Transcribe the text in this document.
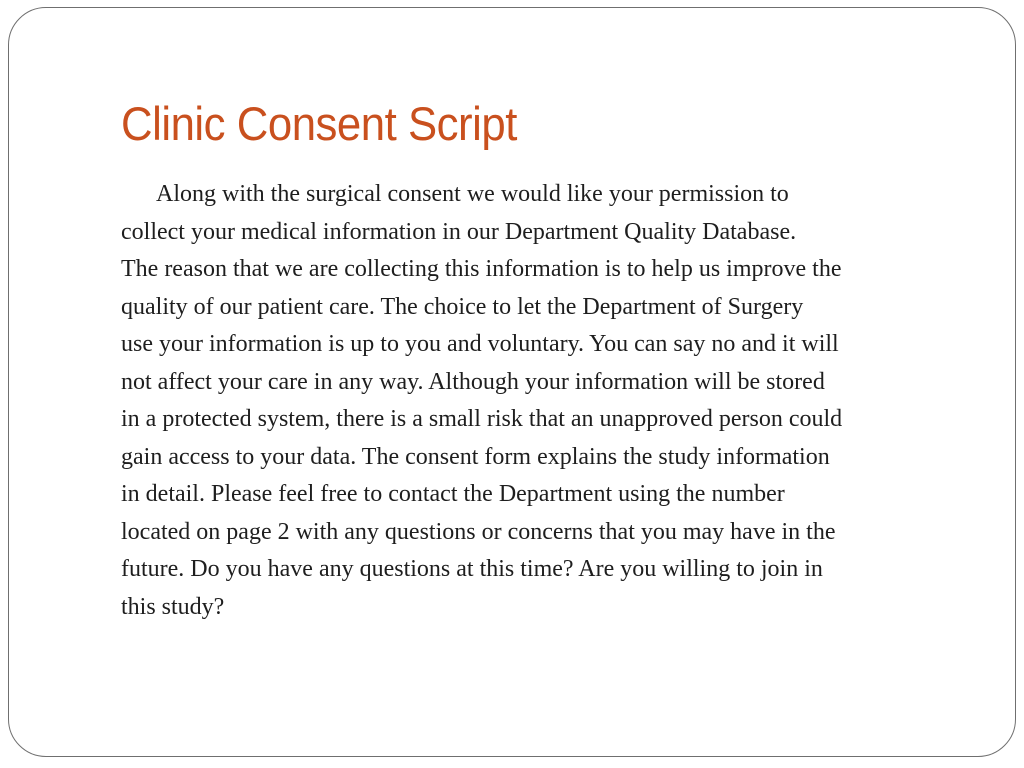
Clinic Consent Script

Along with the surgical consent we would like your permission to
collect your medical information in our Department Quality Database.
The reason that we are collecting this information is to help us improve the
quality of our patient care. The choice to let the Department of Surgery
use your information is up to you and voluntary. You can say no and it will
not affect your care in any way. Although your information will be stored
in a protected system, there is a small risk that an unapproved person could
gain access to your data. The consent form explains the study information
in detail. Please feel free to contact the Department using the number
located on page 2 with any questions or concerns that you may have in the
future. Do you have any questions at this time? Are you willing to join in
this study?
